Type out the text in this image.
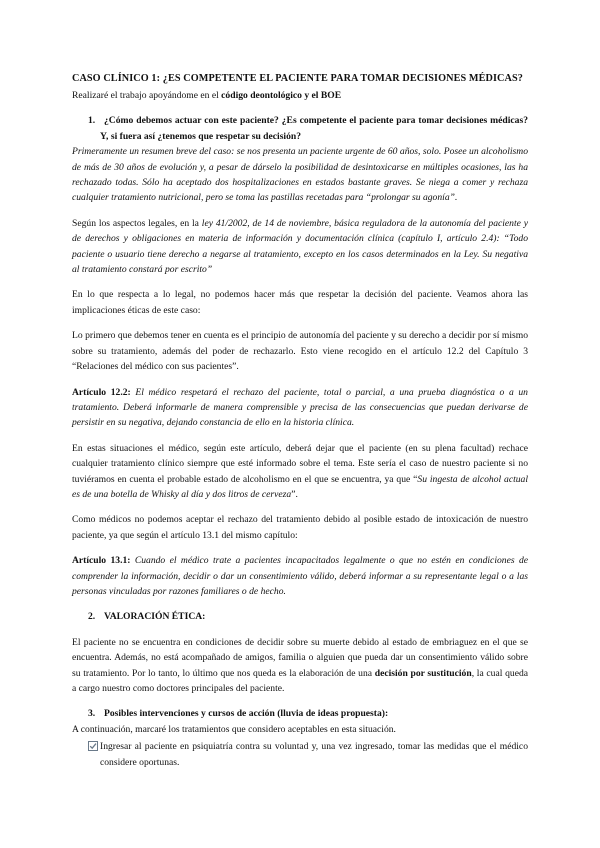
CASO CLÍNICO 1: ¿ES COMPETENTE EL PACIENTE PARA TOMAR DECISIONES MÉDICAS?

Realizaré el trabajo apoyándome en el código deontológico y el BOE

1. ¿Cómo debemos actuar con este paciente? ¿Es competente el paciente para tomar decisiones médicas? Y, si fuera así ¿tenemos que respetar su decisión?

Primeramente un resumen breve del caso: se nos presenta un paciente urgente de 60 años, solo. Posee un alcoholismo de más de 30 años de evolución y, a pesar de dárselo la posibilidad de desintoxicarse en múltiples ocasiones, las ha rechazado todas. Sólo ha aceptado dos hospitalizaciones en estados bastante graves. Se niega a comer y rechaza cualquier tratamiento nutricional, pero se toma las pastillas recetadas para “prolongar su agonía”.

Según los aspectos legales, en la ley 41/2002, de 14 de noviembre, básica reguladora de la autonomía del paciente y de derechos y obligaciones en materia de información y documentación clínica (capítulo I, artículo 2.4): “Todo paciente o usuario tiene derecho a negarse al tratamiento, excepto en los casos determinados en la Ley. Su negativa al tratamiento constará por escrito”

En lo que respecta a lo legal, no podemos hacer más que respetar la decisión del paciente. Veamos ahora las implicaciones éticas de este caso:

Lo primero que debemos tener en cuenta es el principio de autonomía del paciente y su derecho a decidir por sí mismo sobre su tratamiento, además del poder de rechazarlo. Esto viene recogido en el artículo 12.2 del Capítulo 3 “Relaciones del médico con sus pacientes”.

Artículo 12.2: El médico respetará el rechazo del paciente, total o parcial, a una prueba diagnóstica o a un tratamiento. Deberá informarle de manera comprensible y precisa de las consecuencias que puedan derivarse de persistir en su negativa, dejando constancia de ello en la historia clínica.

En estas situaciones el médico, según este artículo, deberá dejar que el paciente (en su plena facultad) rechace cualquier tratamiento clínico siempre que esté informado sobre el tema. Este sería el caso de nuestro paciente si no tuviéramos en cuenta el probable estado de alcoholismo en el que se encuentra, ya que “Su ingesta de alcohol actual es de una botella de Whisky al día y dos litros de cerveza”.

Como médicos no podemos aceptar el rechazo del tratamiento debido al posible estado de intoxicación de nuestro paciente, ya que según el artículo 13.1 del mismo capítulo:

Artículo 13.1: Cuando el médico trate a pacientes incapacitados legalmente o que no estén en condiciones de comprender la información, decidir o dar un consentimiento válido, deberá informar a su representante legal o a las personas vinculadas por razones familiares o de hecho.

2. VALORACIÓN ÉTICA:

El paciente no se encuentra en condiciones de decidir sobre su muerte debido al estado de embriaguez en el que se encuentra. Además, no está acompañado de amigos, familia o alguien que pueda dar un consentimiento válido sobre su tratamiento. Por lo tanto, lo último que nos queda es la elaboración de una decisión por sustitución, la cual queda a cargo nuestro como doctores principales del paciente.

3. Posibles intervenciones y cursos de acción (lluvia de ideas propuesta):

A continuación, marcaré los tratamientos que considero aceptables en esta situación.

Ingresar al paciente en psiquiatría contra su voluntad y, una vez ingresado, tomar las medidas que el médico considere oportunas.
